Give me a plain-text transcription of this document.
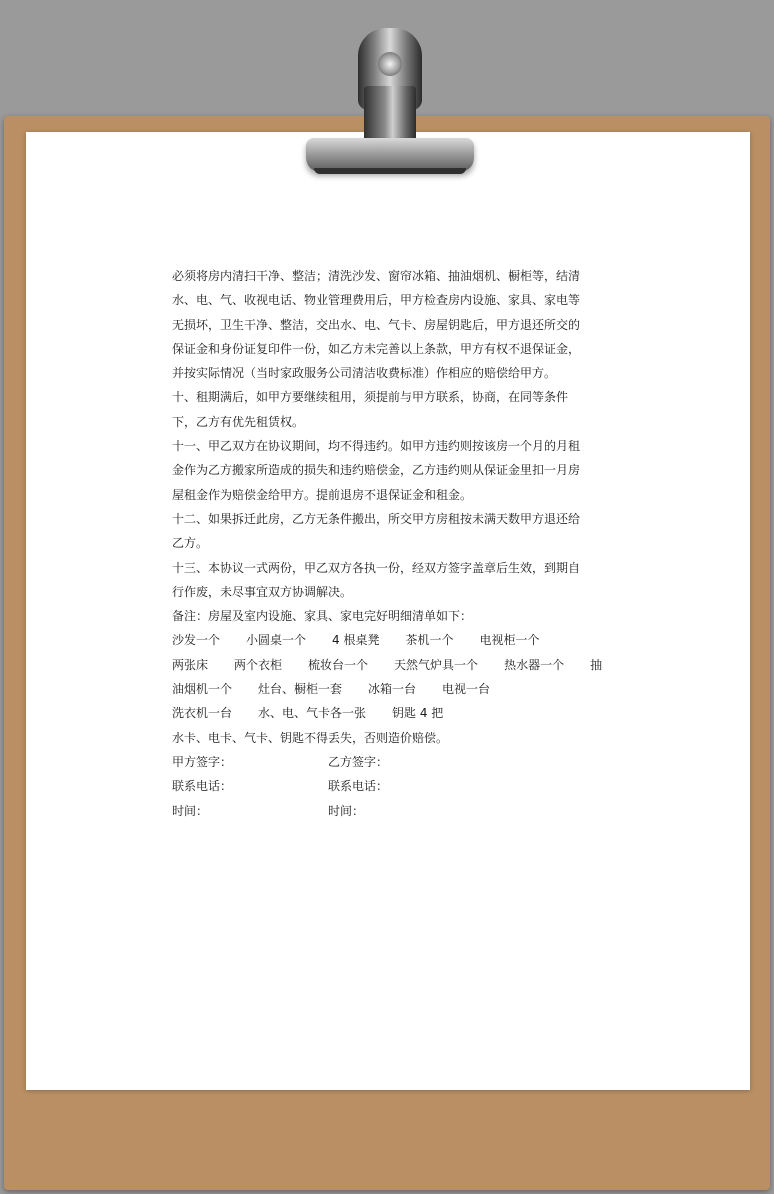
必须将房内清扫干净、整洁；清洗沙发、窗帘冰箱、抽油烟机、橱柜等，结清
水、电、气、收视电话、物业管理费用后，甲方检查房内设施、家具、家电等
无损坏，卫生干净、整洁，交出水、电、气卡、房屋钥匙后，甲方退还所交的
保证金和身份证复印件一份，如乙方未完善以上条款，甲方有权不退保证金，
并按实际情况（当时家政服务公司清洁收费标准）作相应的赔偿给甲方。
十、租期满后，如甲方要继续租用，须提前与甲方联系，协商，在同等条件
下，乙方有优先租赁权。
十一、甲乙双方在协议期间，均不得违约。如甲方违约则按该房一个月的月租
金作为乙方搬家所造成的损失和违约赔偿金，乙方违约则从保证金里扣一月房
屋租金作为赔偿金给甲方。提前退房不退保证金和租金。
十二、如果拆迁此房，乙方无条件搬出，所交甲方房租按未满天数甲方退还给
乙方。
十三、本协议一式两份，甲乙双方各执一份，经双方签字盖章后生效，到期自
行作废，未尽事宜双方协调解决。
备注：房屋及室内设施、家具、家电完好明细清单如下：
沙发一个 小圆桌一个 4 根桌凳 茶机一个 电视柜一个
两张床 两个衣柜 梳妆台一个 天然气炉具一个 热水器一个 抽
油烟机一个 灶台、橱柜一套 冰箱一台 电视一台
洗衣机一台 水、电、气卡各一张 钥匙 4 把
水卡、电卡、气卡、钥匙不得丢失，否则造价赔偿。
甲方签字：	乙方签字：
联系电话：	联系电话：
时间：	时间：
